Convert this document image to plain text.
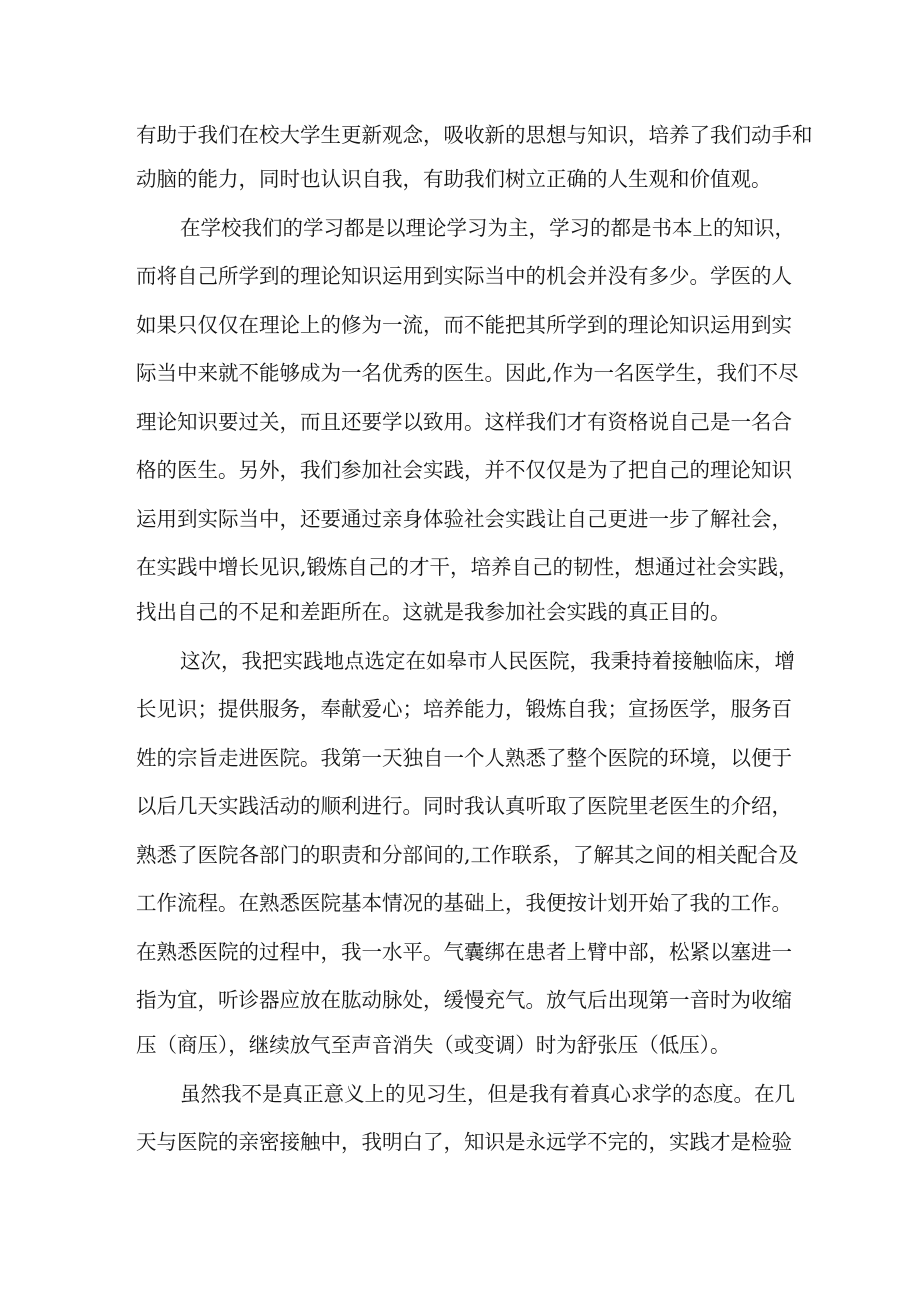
有助于我们在校大学生更新观念，吸收新的思想与知识，培养了我们动手和
动脑的能力，同时也认识自我，有助我们树立正确的人生观和价值观。
在学校我们的学习都是以理论学习为主，学习的都是书本上的知识，
而将自己所学到的理论知识运用到实际当中的机会并没有多少。学医的人
如果只仅仅在理论上的修为一流，而不能把其所学到的理论知识运用到实
际当中来就不能够成为一名优秀的医生。因此,作为一名医学生，我们不尽
理论知识要过关，而且还要学以致用。这样我们才有资格说自己是一名合
格的医生。另外，我们参加社会实践，并不仅仅是为了把自己的理论知识
运用到实际当中，还要通过亲身体验社会实践让自己更进一步了解社会，
在实践中增长见识,锻炼自己的才干，培养自己的韧性，想通过社会实践，
找出自己的不足和差距所在。这就是我参加社会实践的真正目的。
这次，我把实践地点选定在如皋市人民医院，我秉持着接触临床，增
长见识；提供服务，奉献爱心；培养能力，锻炼自我；宣扬医学，服务百
姓的宗旨走进医院。我第一天独自一个人熟悉了整个医院的环境，以便于
以后几天实践活动的顺利进行。同时我认真听取了医院里老医生的介绍，
熟悉了医院各部门的职责和分部间的,工作联系，了解其之间的相关配合及
工作流程。在熟悉医院基本情况的基础上，我便按计划开始了我的工作。
在熟悉医院的过程中，我一水平。气囊绑在患者上臂中部，松紧以塞进一
指为宜，听诊器应放在肱动脉处，缓慢充气。放气后出现第一音时为收缩
压（商压），继续放气至声音消失（或变调）时为舒张压（低压）。
虽然我不是真正意义上的见习生，但是我有着真心求学的态度。在几
天与医院的亲密接触中，我明白了，知识是永远学不完的，实践才是检验
